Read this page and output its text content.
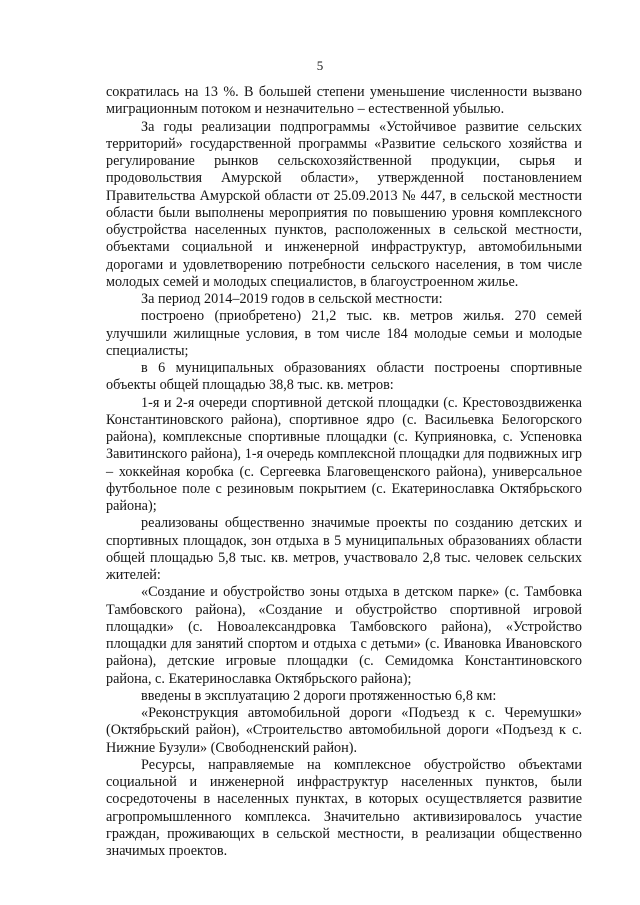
5

сократилась на 13 %. В большей степени уменьшение численности вызвано миграционным потоком и незначительно – естественной убылью.

За годы реализации подпрограммы «Устойчивое развитие сельских территорий» государственной программы «Развитие сельского хозяйства и регулирование рынков сельскохозяйственной продукции, сырья и продовольствия Амурской области», утвержденной постановлением Правительства Амурской области от 25.09.2013 № 447, в сельской местности области были выполнены мероприятия по повышению уровня комплексного обустройства населенных пунктов, расположенных в сельской местности, объектами социальной и инженерной инфраструктур, автомобильными дорогами и удовлетворению потребности сельского населения, в том числе молодых семей и молодых специалистов, в благоустроенном жилье.

За период 2014–2019 годов в сельской местности:

построено (приобретено) 21,2 тыс. кв. метров жилья. 270 семей улучшили жилищные условия, в том числе 184 молодые семьи и молодые специалисты;

в 6 муниципальных образованиях области построены спортивные объекты общей площадью 38,8 тыс. кв. метров:

1-я и 2-я очереди спортивной детской площадки (с. Крестовоздвиженка Константиновского района), спортивное ядро (с. Васильевка Белогорского района), комплексные спортивные площадки (с. Куприяновка, с. Успеновка Завитинского района), 1-я очередь комплексной площадки для подвижных игр – хоккейная коробка (с. Сергеевка Благовещенского района), универсальное футбольное поле с резиновым покрытием (с. Екатеринославка Октябрьского района);

реализованы общественно значимые проекты по созданию детских и спортивных площадок, зон отдыха в 5 муниципальных образованиях области общей площадью 5,8 тыс. кв. метров, участвовало 2,8 тыс. человек сельских жителей:

«Создание и обустройство зоны отдыха в детском парке» (с. Тамбовка Тамбовского района), «Создание и обустройство спортивной игровой площадки» (с. Новоалександровка Тамбовского района), «Устройство площадки для занятий спортом и отдыха с детьми» (с. Ивановка Ивановского района), детские игровые площадки (с. Семидомка Константиновского района, с. Екатеринославка Октябрьского района);

введены в эксплуатацию 2 дороги протяженностью 6,8 км:

«Реконструкция автомобильной дороги «Подъезд к с. Черемушки» (Октябрьский район), «Строительство автомобильной дороги «Подъезд к с. Нижние Бузули» (Свободненский район).

Ресурсы, направляемые на комплексное обустройство объектами социальной и инженерной инфраструктур населенных пунктов, были сосредоточены в населенных пунктах, в которых осуществляется развитие агропромышленного комплекса. Значительно активизировалось участие граждан, проживающих в сельской местности, в реализации общественно значимых проектов.
